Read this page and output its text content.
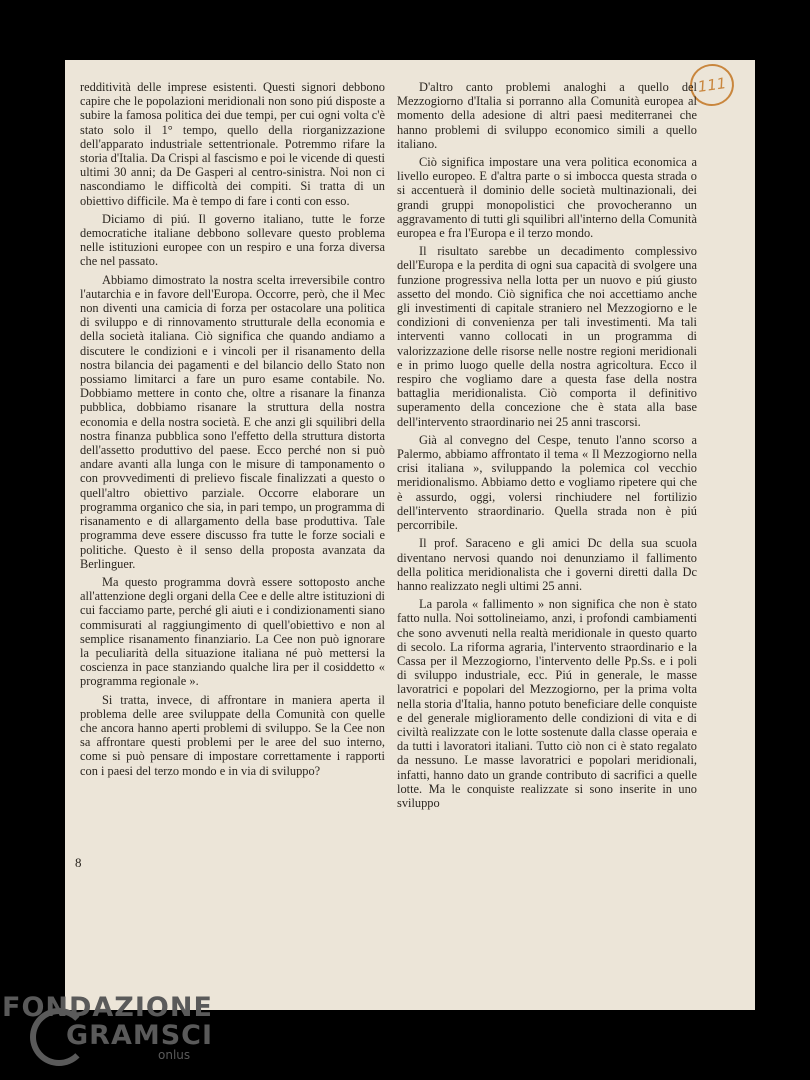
111

redditività delle imprese esistenti. Questi signori debbono capire che le popolazioni meridionali non sono piú disposte a subire la famosa politica dei due tempi, per cui ogni volta c'è stato solo il 1° tempo, quello della riorganizzazione dell'apparato industriale settentrionale. Potremmo rifare la storia d'Italia. Da Crispi al fascismo e poi le vicende di questi ultimi 30 anni; da De Gasperi al centro-sinistra. Noi non ci nascondiamo le difficoltà dei compiti. Si tratta di un obiettivo difficile. Ma è tempo di fare i conti con esso.

Diciamo di piú. Il governo italiano, tutte le forze democratiche italiane debbono sollevare questo problema nelle istituzioni europee con un respiro e una forza diversa che nel passato.

Abbiamo dimostrato la nostra scelta irreversibile contro l'autarchia e in favore dell'Europa. Occorre, però, che il Mec non diventi una camicia di forza per ostacolare una politica di sviluppo e di rinnovamento strutturale della economia e della società italiana. Ciò significa che quando andiamo a discutere le condizioni e i vincoli per il risanamento della nostra bilancia dei pagamenti e del bilancio dello Stato non possiamo limitarci a fare un puro esame contabile. No. Dobbiamo mettere in conto che, oltre a risanare la finanza pubblica, dobbiamo risanare la struttura della nostra economia e della nostra società. E che anzi gli squilibri della nostra finanza pubblica sono l'effetto della struttura distorta dell'assetto produttivo del paese. Ecco perché non si può andare avanti alla lunga con le misure di tamponamento o con provvedimenti di prelievo fiscale finalizzati a questo o quell'altro obiettivo parziale. Occorre elaborare un programma organico che sia, in pari tempo, un programma di risanamento e di allargamento della base produttiva. Tale programma deve essere discusso fra tutte le forze sociali e politiche. Questo è il senso della proposta avanzata da Berlinguer.

Ma questo programma dovrà essere sottoposto anche all'attenzione degli organi della Cee e delle altre istituzioni di cui facciamo parte, perché gli aiuti e i condizionamenti siano commisurati al raggiungimento di quell'obiettivo e non al semplice risanamento finanziario. La Cee non può ignorare la peculiarità della situazione italiana né può mettersi la coscienza in pace stanziando qualche lira per il cosiddetto « programma regionale ».

Si tratta, invece, di affrontare in maniera aperta il problema delle aree sviluppate della Comunità con quelle che ancora hanno aperti problemi di sviluppo. Se la Cee non sa affrontare questi problemi per le aree del suo interno, come si può pensare di impostare correttamente i rapporti con i paesi del terzo mondo e in via di sviluppo?

D'altro canto problemi analoghi a quello del Mezzogiorno d'Italia si porranno alla Comunità europea al momento della adesione di altri paesi mediterranei che hanno problemi di sviluppo economico simili a quello italiano.

Ciò significa impostare una vera politica economica a livello europeo. E d'altra parte o si imbocca questa strada o si accentuerà il dominio delle società multinazionali, dei grandi gruppi monopolistici che provocheranno un aggravamento di tutti gli squilibri all'interno della Comunità europea e fra l'Europa e il terzo mondo.

Il risultato sarebbe un decadimento complessivo dell'Europa e la perdita di ogni sua capacità di svolgere una funzione progressiva nella lotta per un nuovo e piú giusto assetto del mondo. Ciò significa che noi accettiamo anche gli investimenti di capitale straniero nel Mezzogiorno e le condizioni di convenienza per tali investimenti. Ma tali interventi vanno collocati in un programma di valorizzazione delle risorse nelle nostre regioni meridionali e in primo luogo quelle della nostra agricoltura. Ecco il respiro che vogliamo dare a questa fase della nostra battaglia meridionalista. Ciò comporta il definitivo superamento della concezione che è stata alla base dell'intervento straordinario nei 25 anni trascorsi.

Già al convegno del Cespe, tenuto l'anno scorso a Palermo, abbiamo affrontato il tema « Il Mezzogiorno nella crisi italiana », sviluppando la polemica col vecchio meridionalismo. Abbiamo detto e vogliamo ripetere qui che è assurdo, oggi, volersi rinchiudere nel fortilizio dell'intervento straordinario. Quella strada non è piú percorribile.

Il prof. Saraceno e gli amici Dc della sua scuola diventano nervosi quando noi denunziamo il fallimento della politica meridionalista che i governi diretti dalla Dc hanno realizzato negli ultimi 25 anni.

La parola « fallimento » non significa che non è stato fatto nulla. Noi sottolineiamo, anzi, i profondi cambiamenti che sono avvenuti nella realtà meridionale in questo quarto di secolo. La riforma agraria, l'intervento straordinario e la Cassa per il Mezzogiorno, l'intervento delle Pp.Ss. e i poli di sviluppo industriale, ecc. Piú in generale, le masse lavoratrici e popolari del Mezzogiorno, per la prima volta nella storia d'Italia, hanno potuto beneficiare delle conquiste e del generale miglioramento delle condizioni di vita e di civiltà realizzate con le lotte sostenute dalla classe operaia e da tutti i lavoratori italiani. Tutto ciò non ci è stato regalato da nessuno. Le masse lavoratrici e popolari meridionali, infatti, hanno dato un grande contributo di sacrifici a quelle lotte. Ma le conquiste realizzate si sono inserite in uno sviluppo

8
FONDAZIONE
GRAMSCI
onlus
